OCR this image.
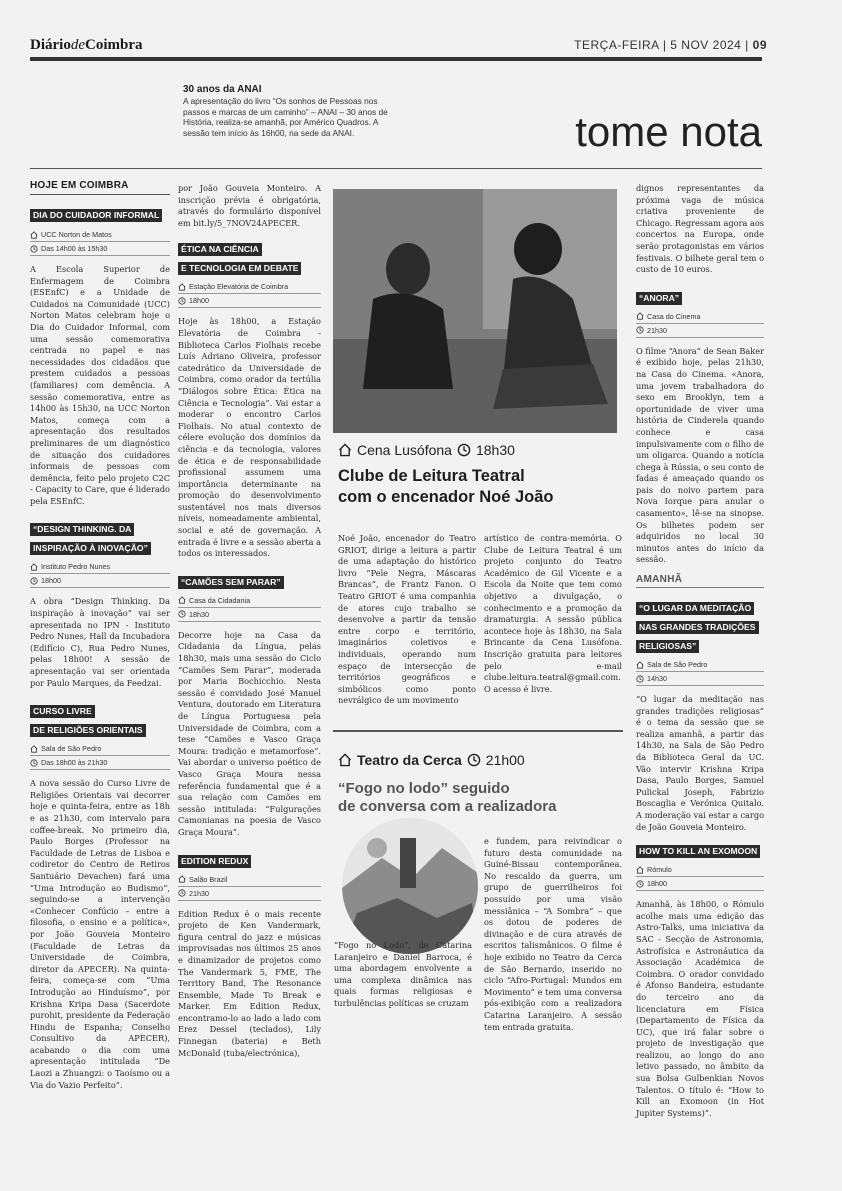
DiáriodeCoimbra	TERÇA-FEIRA | 5 NOV 2024 | 09
30 anos da ANAI
A apresentação do livro “Os sonhos de Pessoas nos passos e marcas de um caminho” – ANAI – 30 anos de História, realiza-se amanhã, por Américo Quadros. A sessão tem início às 16h00, na sede da ANAI.	tome nota
HOJE EM COIMBRA
DIA DO CUIDADOR INFORMAL
UCC Norton de Matos
Das 14h00 às 15h30
A Escola Superior de Enfermagem de Coimbra (ESEnfC) e a Unidade de Cuidados na Comunidade (UCC) Norton Matos celebram hoje o Dia do Cuidador Informal, com uma sessão comemorativa centrada no papel e nas necessidades dos cidadãos que prestem cuidados a pessoas (familiares) com demência. A sessão comemorativa, entre as 14h00 às 15h30, na UCC Norton Matos, começa com a apresentação dos resultados preliminares de um diagnóstico de situação dos cuidadores informais de pessoas com demência, feito pelo projeto C2C - Capacity to Care, que é liderado pela ESEnfC.
“DESIGN THINKING. DA
INSPIRAÇÃO À INOVAÇÃO”
Instituto Pedro Nunes
18h00
A obra “Design Thinking. Da inspiração à inovação” vai ser apresentada no IPN - Instituto Pedro Nunes, Hall da Incubadora (Edifício C), Rua Pedro Nunes, pelas 18h00! A sessão de apresentação vai ser orientada por Paulo Marques, da Feedzai.
CURSO LIVRE
DE RELIGIÕES ORIENTAIS
Sala de São Pedro
Das 18h00 às 21h30
A nova sessão do Curso Livre de Religiões Orientais vai decorrer hoje e quinta-feira, entre as 18h e as 21h30, com intervalo para coffee-break. No primeiro dia, Paulo Borges (Professor na Faculdade de Letras de Lisboa e codiretor do Centro de Retiros Santuário Devachen) fará uma “Uma Introdução ao Budismo”, seguindo-se a intervenção «Conhecer Confúcio – entre a filosofia, o ensino e a política», por João Gouveia Monteiro (Faculdade de Letras da Universidade de Coimbra, diretor da APECER). Na quinta-feira, começa-se com “Uma Introdução ao Hinduísmo”, por Krishna Kripa Dasa (Sacerdote purohit, presidente da Federação Hindu de Espanha; Conselho Consultivo da APECER), acabando o dia com uma apresentação intitulada “De Laozi a Zhuangzi: o Taoísmo ou a Via do Vazio Perfeito”.
por João Gouveia Monteiro. A inscrição prévia é obrigatória, através do formulário disponível em bit.ly/5_7NOV24APECER.
ÉTICA NA CIÊNCIA
E TECNOLOGIA EM DEBATE
Estação Elevatória de Coimbra
18h00
Hoje às 18h00, a Estação Elevatória de Coimbra - Biblioteca Carlos Fiolhais recebe Luís Adriano Oliveira, professor catedrático da Universidade de Coimbra, como orador da tertúlia “Diálogos sobre Ética: Ética na Ciência e Tecnologia”. Vai estar a moderar o encontro Carlos Fiolhais. No atual contexto de célere evolução dos domínios da ciência e da tecnologia, valores de ética e de responsabilidade profissional assumem uma importância determinante na promoção do desenvolvimento sustentável nos mais diversos níveis, nomeadamente ambiental, social e até de governação. A entrada é livre e a sessão aberta a todos os interessados.
“CAMÕES SEM PARAR”
Casa da Cidadania
18h30
Decorre hoje na Casa da Cidadania da Língua, pelas 18h30, mais uma sessão do Ciclo “Camões Sem Parar”, moderada por Maria Bochicchio. Nesta sessão é convidado José Manuel Ventura, doutorado em Literatura de Língua Portuguesa pela Universidade de Coimbra, com a tese “Camões e Vasco Graça Moura: tradição e metamorfose”. Vai abordar o universo poético de Vasco Graça Moura nessa referência fundamental que é a sua relação com Camões em sessão intitulada: “Fulgurações Camonianas na poesia de Vasco Graça Moura”.
EDITION REDUX
Salão Brazil
21h30
Edition Redux é o mais recente projeto de Ken Vandermark, figura central do jazz e músicas improvisadas nos últimos 25 anos e dinamizador de projetos como The Vandermark 5, FME, The Territory Band, The Resonance Ensemble, Made To Break e Marker. Em Edition Redux, encontramo-lo ao lado a lado com Erez Dessel (teclados), Lily Finnegan (bateria) e Beth McDonald (tuba/electrónica),
Cena Lusófona 18h30
Clube de Leitura Teatral
com o encenador Noé João
Noé João, encenador do Teatro GRIOT, dirige a leitura a partir de uma adaptação do histórico livro “Pele Negra, Máscaras Brancas”, de Frantz Fanon. O Teatro GRIOT é uma companhia de atores cujo trabalho se desenvolve a partir da tensão entre corpo e território, imaginários coletivos e individuais, operando num espaço de intersecção de territórios geográficos e simbólicos como ponto nevrálgico de um movimento
artístico de contra-memória. O Clube de Leitura Teatral é um projeto conjunto do Teatro Académico de Gil Vicente e a Escola da Noite que tem como objetivo a divulgação, o conhecimento e a promoção da dramaturgia. A sessão pública acontece hoje às 18h30, na Sala Brincante da Cena Lusófona. Inscrição gratuita para leitores pelo e-mail clube.leitura.teatral@gmail.com. O acesso é livre.
Teatro da Cerca 21h00
“Fogo no lodo” seguido
de conversa com a realizadora
“Fogo no Lodo”, de Catarina Laranjeiro e Daniel Barroca, é uma abordagem envolvente a uma complexa dinâmica nas quais formas religiosas e turbulências políticas se cruzam
e fundem, para reivindicar o futuro desta comunidade na Guiné-Bissau contemporânea. No rescaldo da guerra, um grupo de guerrilheiros foi possuído por uma visão messiânica – “A Sombra” – que os dotou de poderes de divinação e de cura através de escritos talismânicos. O filme é hoje exibido no Teatro da Cerca de São Bernardo, inserido no ciclo “Afro-Portugal: Mundos em Movimento” e tem uma conversa pós-exibição com a realizadora Catarina Laranjeiro. A sessão tem entrada gratuita.
dignos representantes da próxima vaga de música criativa proveniente de Chicago. Regressam agora aos concertos na Europa, onde serão protagonistas em vários festivais. O bilhete geral tem o custo de 10 euros.
“ANORA”
Casa do Cinema
21h30
O filme “Anora” de Sean Baker é exibido hoje, pelas 21h30, na Casa do Cinema. «Anora, uma jovem trabalhadora do sexo em Brooklyn, tem a oportunidade de viver uma história de Cinderela quando conhece e casa impulsivamente com o filho de um oligarca. Quando a notícia chega à Rússia, o seu conto de fadas é ameaçado quando os pais do noivo partem para Nova Iorque para anular o casamento», lê-se na sinopse. Os bilhetes podem ser adquiridos no local 30 minutos antes do início da sessão.
AMANHÃ
“O LUGAR DA MEDITAÇÃO
NAS GRANDES TRADIÇÕES
RELIGIOSAS”
Sala de São Pedro
14h30
“O lugar da meditação nas grandes tradições religiosas” é o tema da sessão que se realiza amanhã, a partir das 14h30, na Sala de São Pedro da Biblioteca Geral da UC. Vão intervir Krishna Kripa Dasa, Paulo Borges, Samuel Pulickal Joseph, Fabrizio Boscaglia e Verónica Quitalo. A moderação vai estar a cargo de João Gouveia Monteiro.
HOW TO KILL AN EXOMOON
Rómulo
18h00
Amanhã, às 18h00, o Rómulo acolhe mais uma edição das Astro-Talks, uma iniciativa da SAC - Secção de Astronomia, Astrofísica e Astronáutica da Associação Académica de Coimbra. O orador convidado é Afonso Bandeira, estudante do terceiro ano da licenciatura em Física (Departamento de Física da UC), que irá falar sobre o projeto de investigação que realizou, ao longo do ano letivo passado, no âmbito da sua Bolsa Gulbenkian Novos Talentos. O título é: “How to Kill an Exomoon (in Hot Jupiter Systems)”.
